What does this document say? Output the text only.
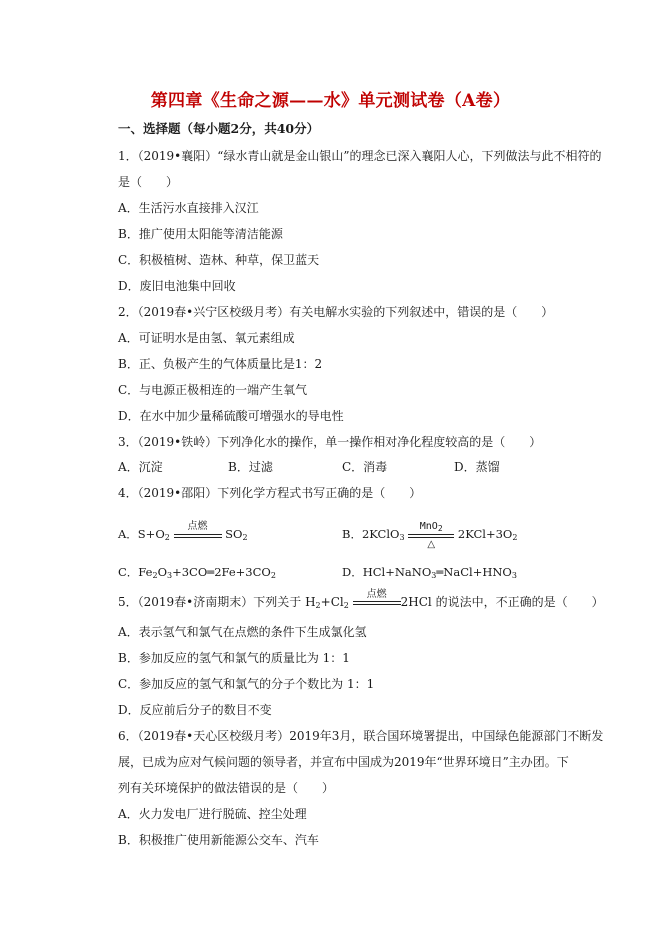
第四章《生命之源——水》单元测试卷（A卷）
一、选择题（每小题2分，共40分）
1．（2019•襄阳）“绿水青山就是金山银山”的理念已深入襄阳人心，下列做法与此不相符的
是（　　）
A．生活污水直接排入汉江
B．推广使用太阳能等清洁能源
C．积极植树、造林、种草，保卫蓝天
D．废旧电池集中回收
2．（2019春•兴宁区校级月考）有关电解水实验的下列叙述中，错误的是（　　）
A．可证明水是由氢、氧元素组成
B．正、负极产生的气体质量比是1：2
C．与电源正极相连的一端产生氧气
D．在水中加少量稀硫酸可增强水的导电性
3．（2019•铁岭）下列净化水的操作，单一操作相对净化程度较高的是（　　）
A．沉淀	B．过滤	C．消毒	D．蒸馏
4．（2019•邵阳）下列化学方程式书写正确的是（　　）
A．$S+O_2$
点燃
$SO_2$	B．2KClO$_3$
MnO$_2$
△
$2KCl+3O_2$
C．$Fe_2O_3+3CO═2Fe+3CO_2$	D．$HCl+NaNO_3═NaCl+HNO_3$
5．（2019春•济南期末）下列关于 $H_2+Cl_2$
点燃
2HCl 的说法中，不正确的是（　　）
A．表示氢气和氯气在点燃的条件下生成氯化氢
B．参加反应的氢气和氯气的质量比为 1：1
C．参加反应的氢气和氯气的分子个数比为 1：1
D．反应前后分子的数目不变
6．（2019春•天心区校级月考）2019年3月，联合国环境署提出，中国绿色能源部门不断发
展，已成为应对气候问题的领导者，并宣布中国成为2019年“世界环境日”主办团。下
列有关环境保护的做法错误的是（　　）
A．火力发电厂进行脱硫、控尘处理
B．积极推广使用新能源公交车、汽车
